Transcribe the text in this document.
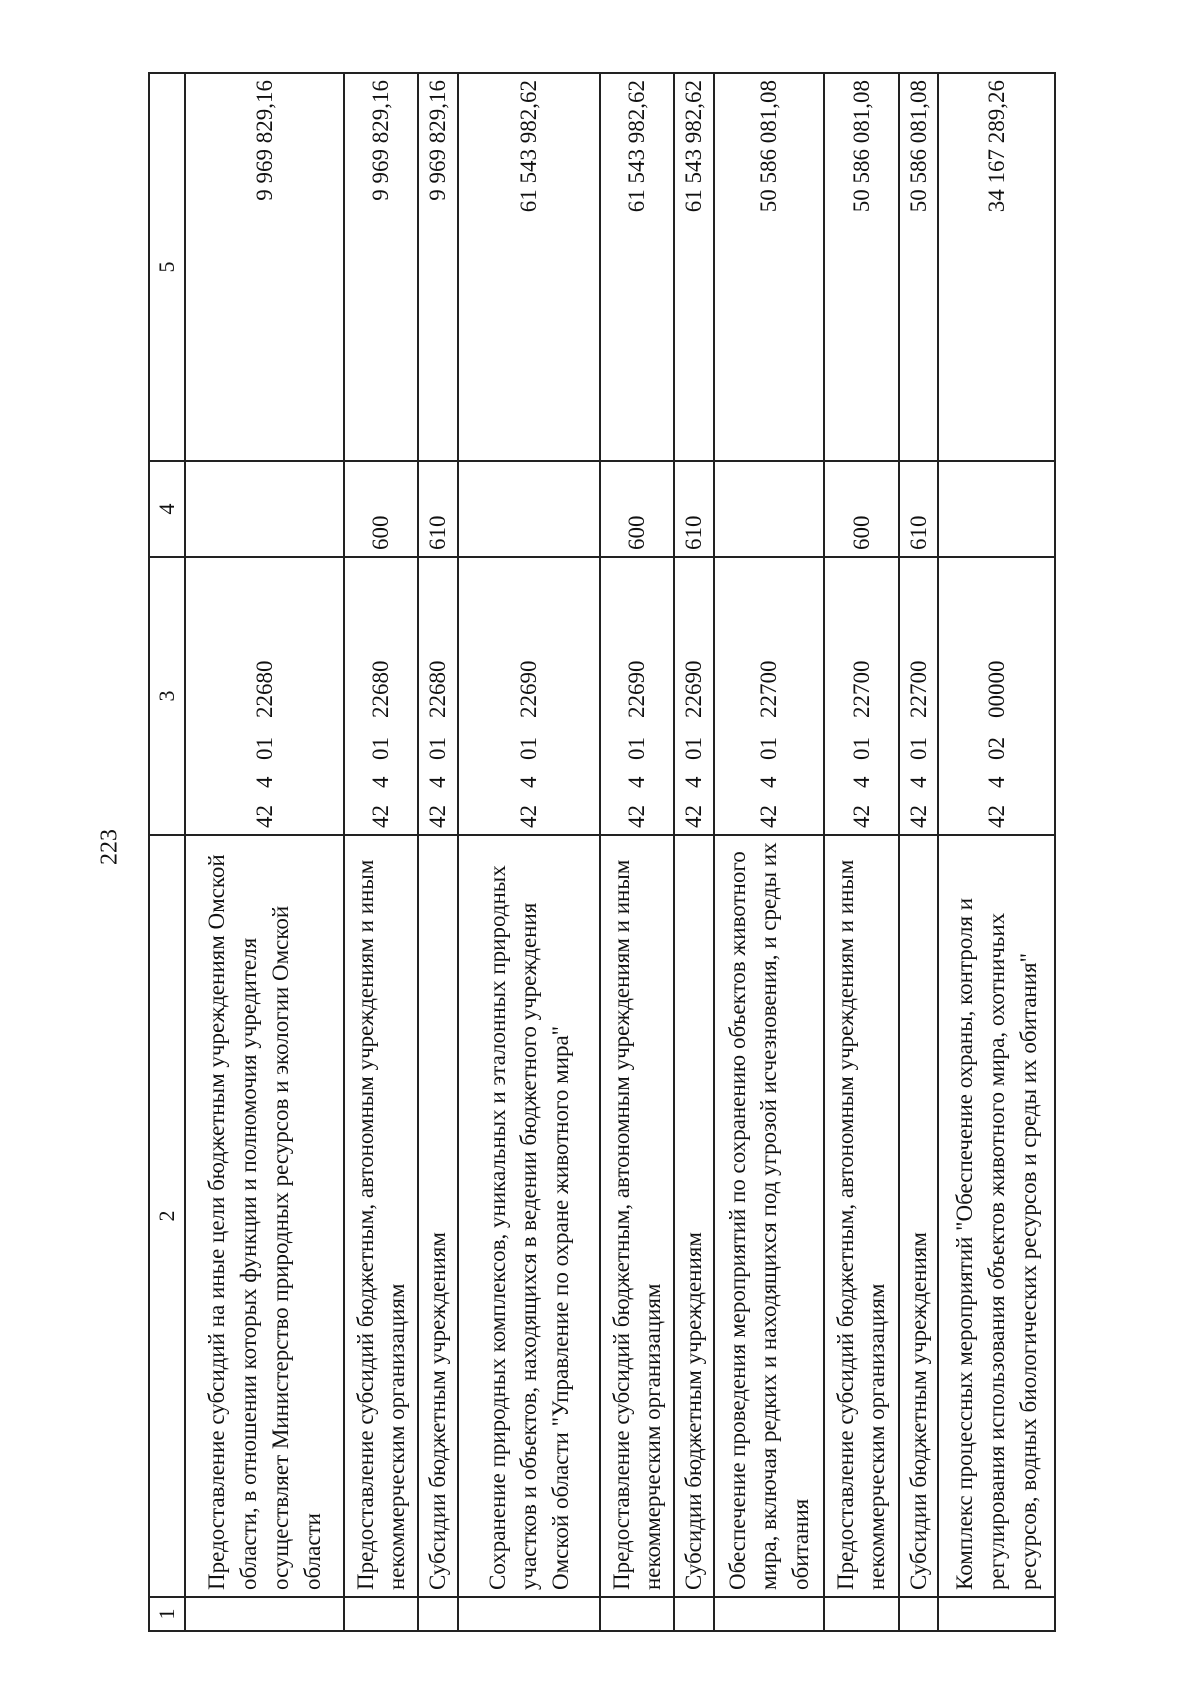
223
1	2	3	4	5
	Предоставление субсидий на иные цели бюджетным учреждениям Омской области, в отношении которых функции и полномочия учредителя осуществляет Министерство природных ресурсов и экологии Омской области	4240122680		9 969 829,16
	Предоставление субсидий бюджетным, автономным учреждениям и иным некоммерческим организациям	4240122680	600	9 969 829,16
	Субсидии бюджетным учреждениям	4240122680	610	9 969 829,16
	Сохранение природных комплексов, уникальных и эталонных природных участков и объектов, находящихся в ведении бюджетного учреждения Омской области "Управление по охране животного мира"	4240122690		61 543 982,62
	Предоставление субсидий бюджетным, автономным учреждениям и иным некоммерческим организациям	4240122690	600	61 543 982,62
	Субсидии бюджетным учреждениям	4240122690	610	61 543 982,62
	Обеспечение проведения мероприятий по сохранению объектов животного мира, включая редких и находящихся под угрозой исчезновения, и среды их обитания	4240122700		50 586 081,08
	Предоставление субсидий бюджетным, автономным учреждениям и иным некоммерческим организациям	4240122700	600	50 586 081,08
	Субсидии бюджетным учреждениям	4240122700	610	50 586 081,08
	Комплекс процессных мероприятий "Обеспечение охраны, контроля и регулирования использования объектов животного мира, охотничьих ресурсов, водных биологических ресурсов и среды их обитания"	4240200000		34 167 289,26
